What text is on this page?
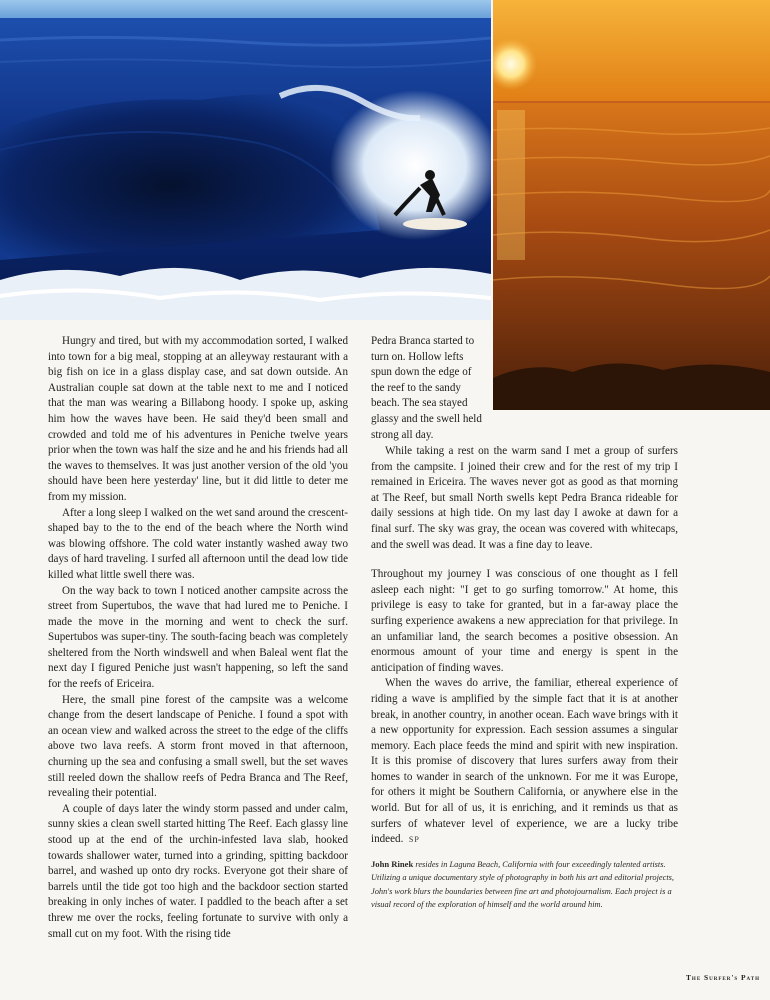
Hungry and tired, but with my accommodation sorted, I walked into town for a big meal, stopping at an alleyway restaurant with a big fish on ice in a glass display case, and sat down outside. An Australian couple sat down at the table next to me and I noticed that the man was wearing a Billabong hoody. I spoke up, asking him how the waves have been. He said they'd been small and crowded and told me of his adventures in Peniche twelve years prior when the town was half the size and he and his friends had all the waves to themselves. It was just another version of the old 'you should have been here yesterday' line, but it did little to deter me from my mission.

After a long sleep I walked on the wet sand around the crescent-shaped bay to the to the end of the beach where the North wind was blowing offshore. The cold water instantly washed away two days of hard traveling. I surfed all afternoon until the dead low tide killed what little swell there was.

On the way back to town I noticed another campsite across the street from Supertubos, the wave that had lured me to Peniche. I made the move in the morning and went to check the surf. Supertubos was super-tiny. The south-facing beach was completely sheltered from the North windswell and when Baleal went flat the next day I figured Peniche just wasn't happening, so left the sand for the reefs of Ericeira.

Here, the small pine forest of the campsite was a welcome change from the desert landscape of Peniche. I found a spot with an ocean view and walked across the street to the edge of the cliffs above two lava reefs. A storm front moved in that afternoon, churning up the sea and confusing a small swell, but the set waves still reeled down the shallow reefs of Pedra Branca and The Reef, revealing their potential.

A couple of days later the windy storm passed and under calm, sunny skies a clean swell started hitting The Reef. Each glassy line stood up at the end of the urchin-infested lava slab, hooked towards shallower water, turned into a grinding, spitting backdoor barrel, and washed up onto dry rocks. Everyone got their share of barrels until the tide got too high and the backdoor section started breaking in only inches of water. I paddled to the beach after a set threw me over the rocks, feeling fortunate to survive with only a small cut on my foot. With the rising tide

Pedra Branca started to turn on. Hollow lefts spun down the edge of the reef to the sandy beach. The sea stayed glassy and the swell held strong all day.

While taking a rest on the warm sand I met a group of surfers from the campsite. I joined their crew and for the rest of my trip I remained in Ericeira. The waves never got as good as that morning at The Reef, but small North swells kept Pedra Branca rideable for daily sessions at high tide. On my last day I awoke at dawn for a final surf. The sky was gray, the ocean was covered with whitecaps, and the swell was dead. It was a fine day to leave.

Throughout my journey I was conscious of one thought as I fell asleep each night: "I get to go surfing tomorrow." At home, this privilege is easy to take for granted, but in a far-away place the surfing experience awakens a new appreciation for that privilege. In an unfamiliar land, the search becomes a positive obsession. An enormous amount of your time and energy is spent in the anticipation of finding waves.

When the waves do arrive, the familiar, ethereal experience of riding a wave is amplified by the simple fact that it is at another break, in another country, in another ocean. Each wave brings with it a new opportunity for expression. Each session assumes a singular memory. Each place feeds the mind and spirit with new inspiration. It is this promise of discovery that lures surfers away from their homes to wander in search of the unknown. For me it was Europe, for others it might be Southern California, or anywhere else in the world. But for all of us, it is enriching, and it reminds us that as surfers of whatever level of experience, we are a lucky tribe indeed. SP

John Rinek resides in Laguna Beach, California with four exceedingly talented artists. Utilizing a unique documentary style of photography in both his art and editorial projects, John's work blurs the boundaries between fine art and photojournalism. Each project is a visual record of the exploration of himself and the world around him.
The Surfer's Path
